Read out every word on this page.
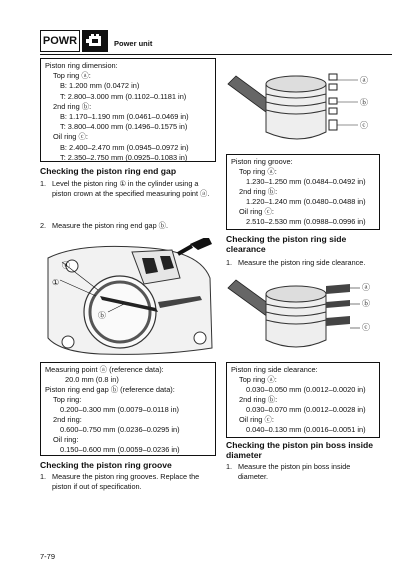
POWR	Power unit
Piston ring dimension:
Top ring ⓐ:
B: 1.200 mm (0.0472 in)
T: 2.800–3.000 mm (0.1102–0.1181 in)
2nd ring ⓑ:
B: 1.170–1.190 mm (0.0461–0.0469 in)
T: 3.800–4.000 mm (0.1496–0.1575 in)
Oil ring ⓒ:
B: 2.400–2.470 mm (0.0945–0.0972 in)
T: 2.350–2.750 mm (0.0925–0.1083 in)
Checking the piston ring end gap
1. Level the piston ring ① in the cylinder using a piston crown at the specified measuring point ⓐ.
2. Measure the piston ring end gap ⓑ.
ⓐ
①
ⓑ
Measuring point ⓐ (reference data):
20.0 mm (0.8 in)
Piston ring end gap ⓑ (reference data):
Top ring:
0.200–0.300 mm (0.0079–0.0118 in)
2nd ring:
0.600–0.750 mm (0.0236–0.0295 in)
Oil ring:
0.150–0.600 mm (0.0059–0.0236 in)
Checking the piston ring groove
1. Measure the piston ring grooves. Replace the piston if out of specification.
ⓐ
ⓑ
ⓒ
Piston ring groove:
Top ring ⓐ:
1.230–1.250 mm (0.0484–0.0492 in)
2nd ring ⓑ:
1.220–1.240 mm (0.0480–0.0488 in)
Oil ring ⓒ:
2.510–2.530 mm (0.0988–0.0996 in)
Checking the piston ring side clearance
1. Measure the piston ring side clearance.
ⓐ
ⓑ
ⓒ
Piston ring side clearance:
Top ring ⓐ:
0.030–0.050 mm (0.0012–0.0020 in)
2nd ring ⓑ:
0.030–0.070 mm (0.0012–0.0028 in)
Oil ring ⓒ:
0.040–0.130 mm (0.0016–0.0051 in)
Checking the piston pin boss inside diameter
1. Measure the piston pin boss inside diameter.
7-79
